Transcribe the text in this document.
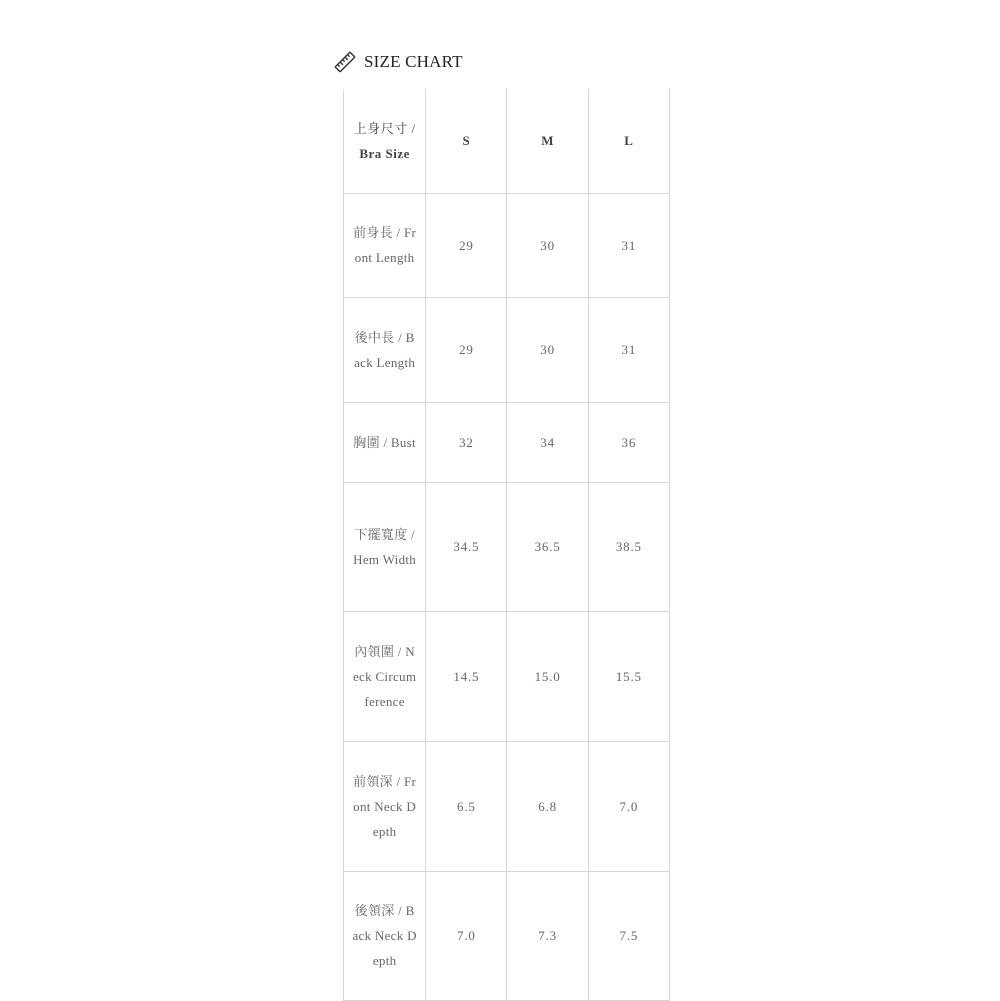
SIZE CHART
上身尺寸 / Bra Size	S	M	L
前身長 / Front Length	29	30	31
後中長 / Back Length	29	30	31
胸圍 / Bust	32	34	36
下擺寬度 / Hem Width	34.5	36.5	38.5
內領圍 / Neck Circumference	14.5	15.0	15.5
前領深 / Front Neck Depth	6.5	6.8	7.0
後領深 / Back Neck Depth	7.0	7.3	7.5
